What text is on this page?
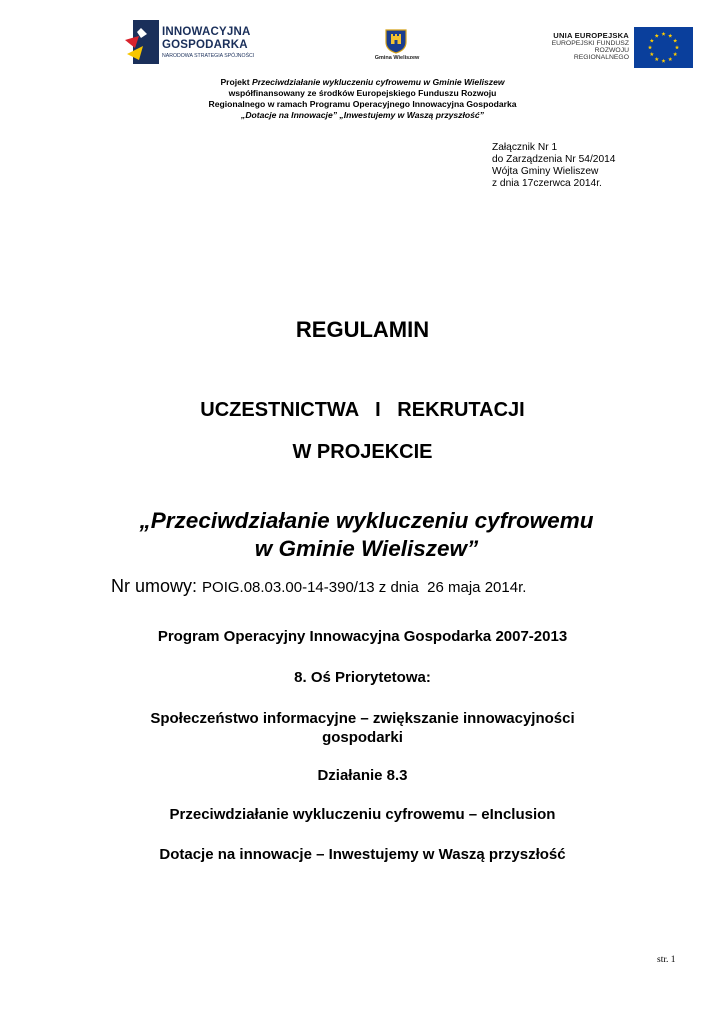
INNOWACYJNA
GOSPODARKA
NARODOWA STRATEGIA SPÓJNOŚCI	Gmina Wieliszew
UNIA EUROPEJSKA
EUROPEJSKI FUNDUSZ
ROZWOJU REGIONALNEGO
Projekt Przeciwdziałanie wykluczeniu cyfrowemu w Gminie Wieliszew
współfinansowany ze środków Europejskiego Funduszu Rozwoju
Regionalnego w ramach Programu Operacyjnego Innowacyjna Gospodarka
„Dotacje na Innowacje” „Inwestujemy w Waszą przyszłość”
Załącznik Nr 1
do Zarządzenia Nr 54/2014
Wójta Gminy Wieliszew
z dnia 17czerwca 2014r.
REGULAMIN
UCZESTNICTWA   I   REKRUTACJI
W PROJEKCIE
„Przeciwdziałanie wykluczeniu cyfrowemu
w Gminie Wieliszew”
Nr umowy: POIG.08.03.00-14-390/13 z dnia  26 maja 2014r.
Program Operacyjny Innowacyjna Gospodarka 2007-2013
8. Oś Priorytetowa:
Społeczeństwo informacyjne – zwiększanie innowacyjności
gospodarki
Działanie 8.3
Przeciwdziałanie wykluczeniu cyfrowemu – eInclusion
Dotacje na innowacje – Inwestujemy w Waszą przyszłość
str. 1
